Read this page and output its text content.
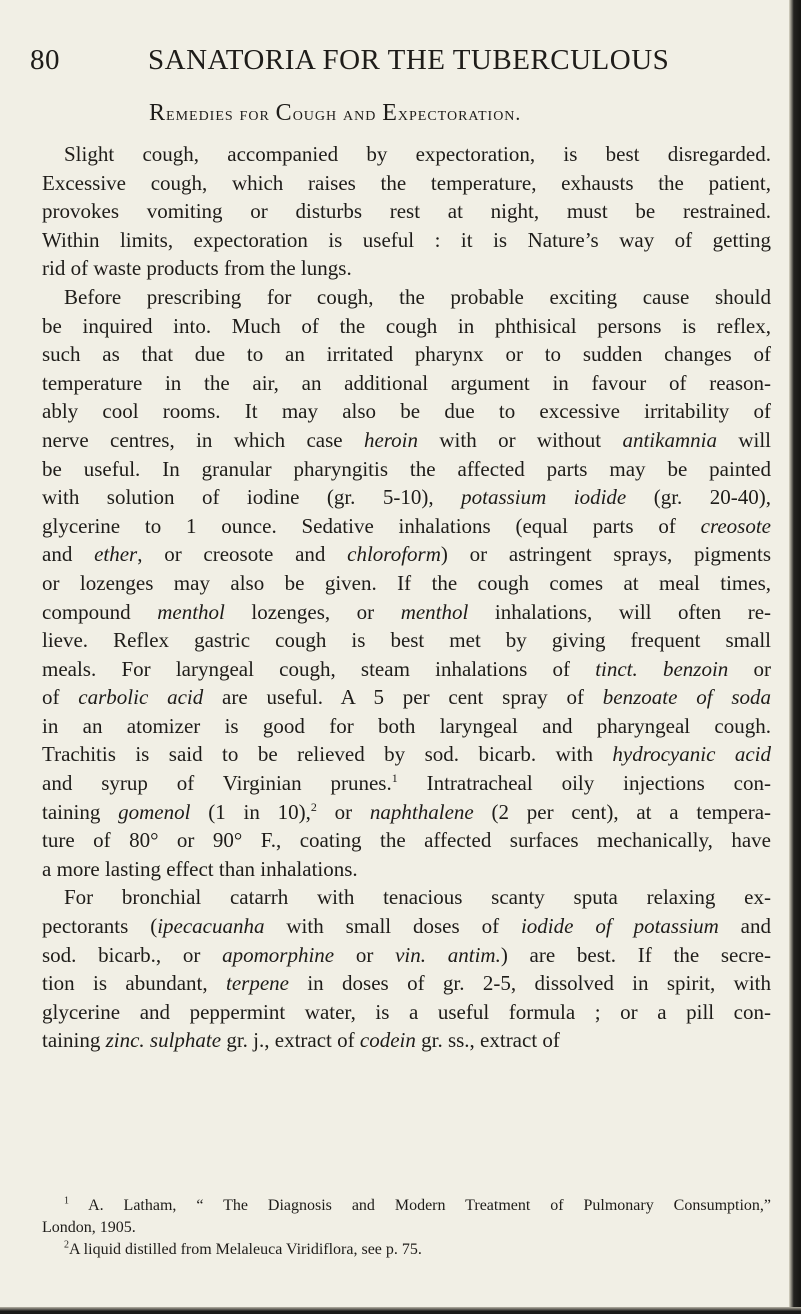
80	SANATORIA FOR THE TUBERCULOUS
Remedies for Cough and Expectoration.
Slight cough, accompanied by expectoration, is best disregarded.
Excessive cough, which raises the temperature, exhausts the patient,
provokes vomiting or disturbs rest at night, must be restrained.
Within limits, expectoration is useful : it is Nature’s way of getting
rid of waste products from the lungs.
Before prescribing for cough, the probable exciting cause should
be inquired into. Much of the cough in phthisical persons is reflex,
such as that due to an irritated pharynx or to sudden changes of
temperature in the air, an additional argument in favour of reason-
ably cool rooms. It may also be due to excessive irritability of
nerve centres, in which case heroin with or without antikamnia will
be useful. In granular pharyngitis the affected parts may be painted
with solution of iodine (gr. 5-10), potassium iodide (gr. 20-40),
glycerine to 1 ounce. Sedative inhalations (equal parts of creosote
and ether, or creosote and chloroform) or astringent sprays, pigments
or lozenges may also be given. If the cough comes at meal times,
compound menthol lozenges, or menthol inhalations, will often re-
lieve. Reflex gastric cough is best met by giving frequent small
meals. For laryngeal cough, steam inhalations of tinct. benzoin or
of carbolic acid are useful. A 5 per cent spray of benzoate of soda
in an atomizer is good for both laryngeal and pharyngeal cough.
Trachitis is said to be relieved by sod. bicarb. with hydrocyanic acid
and syrup of Virginian prunes.$^1$ Intratracheal oily injections con-
taining gomenol (1 in 10),$^2$ or naphthalene (2 per cent), at a tempera-
ture of 80° or 90° F., coating the affected surfaces mechanically, have
a more lasting effect than inhalations.
For bronchial catarrh with tenacious scanty sputa relaxing ex-
pectorants (ipecacuanha with small doses of iodide of potassium and
sod. bicarb., or apomorphine or vin. antim.) are best. If the secre-
tion is abundant, terpene in doses of gr. 2-5, dissolved in spirit, with
glycerine and peppermint water, is a useful formula ; or a pill con-
taining zinc. sulphate gr. j., extract of codein gr. ss., extract of
$^1$ A. Latham, “ The Diagnosis and Modern Treatment of Pulmonary Consumption,”
London, 1905.
$^2$A liquid distilled from Melaleuca Viridiflora, see p. 75.
